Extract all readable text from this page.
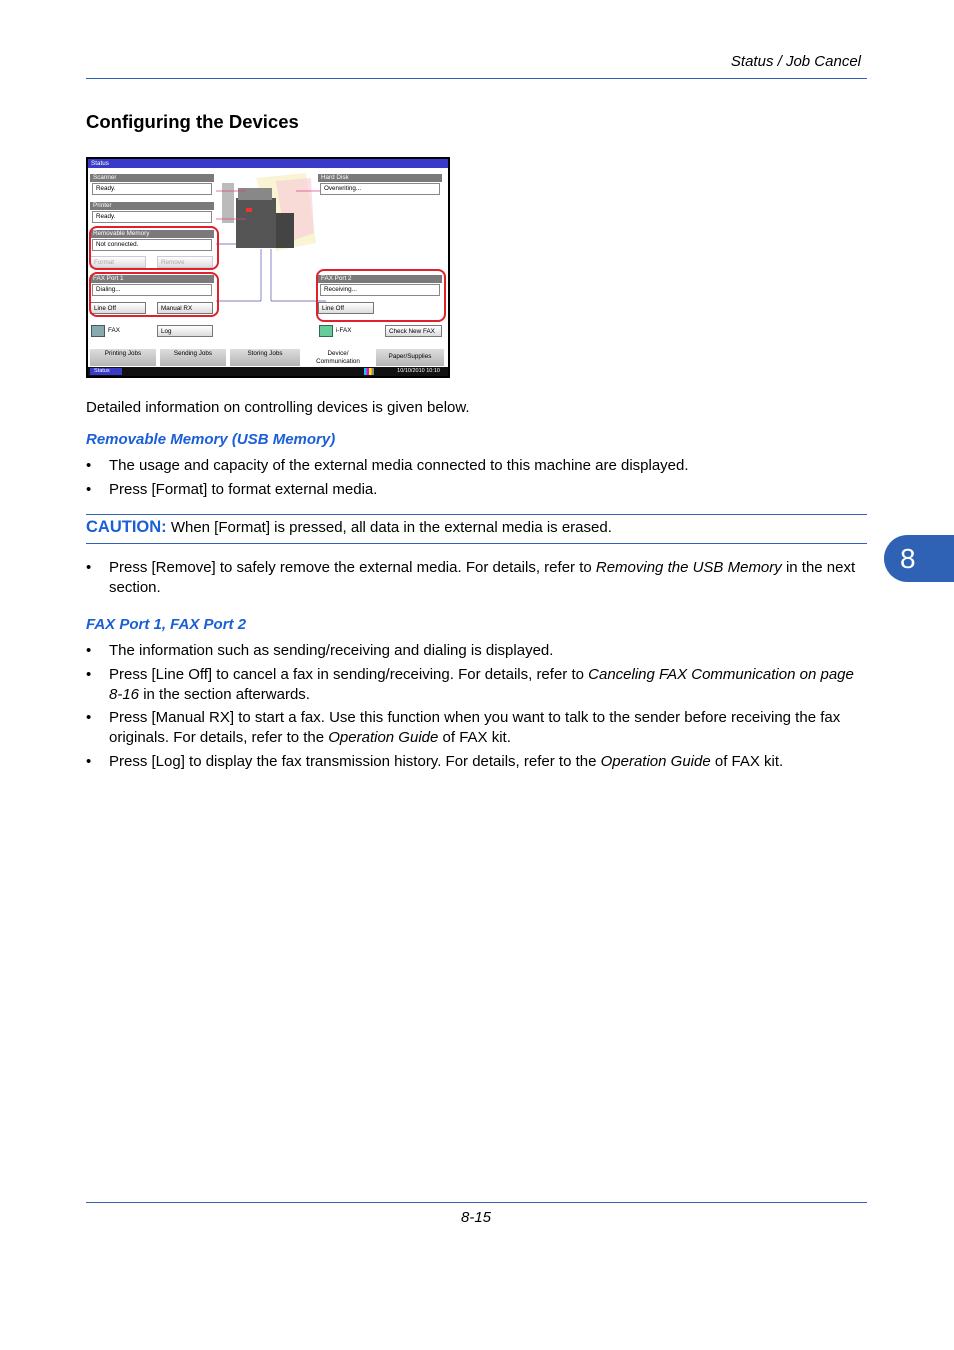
Status / Job Cancel
8
Configuring the Devices
Status
Scanner
Ready.
Printer
Ready.
Removable Memory
Not connected.
Format	Remove
Hard Disk
Overwriting...
FAX Port 1
Dialing...
Line Off	Manual RX
FAX Port 2
Receiving...
Line Off
FAX	Log	i-FAX	Check New FAX
Printing Jobs	Sending Jobs	Storing Jobs	Device/
Communication
Paper/Supplies
Status	10/10/2010 10:10
Detailed information on controlling devices is given below.
Removable Memory (USB Memory)
• The usage and capacity of the external media connected to this machine are displayed.
• Press [Format] to format external media.
CAUTION: When [Format] is pressed, all data in the external media is erased.
• Press [Remove] to safely remove the external media. For details, refer to Removing the USB Memory in the next section.
FAX Port 1, FAX Port 2
• The information such as sending/receiving and dialing is displayed.
• Press [Line Off] to cancel a fax in sending/receiving. For details, refer to Canceling FAX Communication on page 8-16 in the section afterwards.
• Press [Manual RX] to start a fax. Use this function when you want to talk to the sender before receiving the fax originals. For details, refer to the Operation Guide of FAX kit.
• Press [Log] to display the fax transmission history. For details, refer to the Operation Guide of FAX kit.
8-15
